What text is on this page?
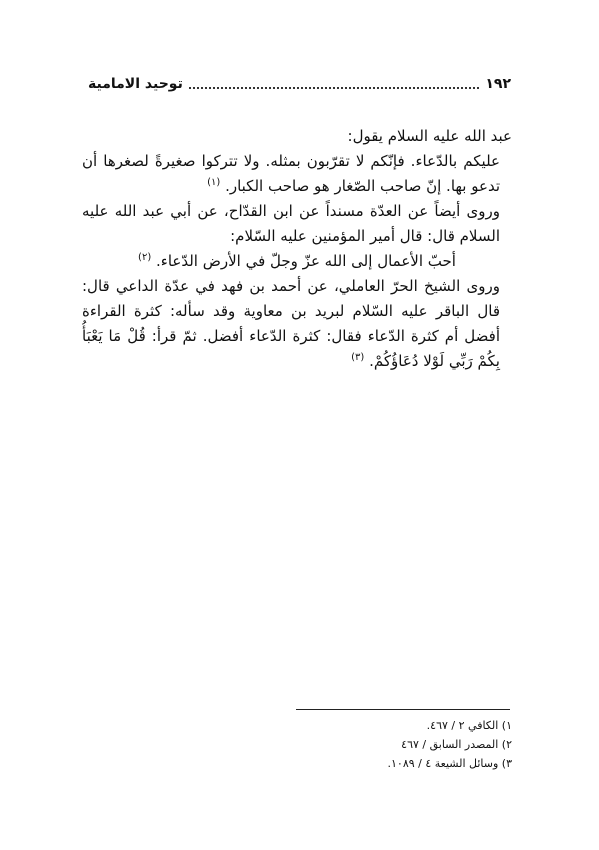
١٩٢
توحيد الامامية

عبد الله عليه السلام يقول:

عليكم بالدّعاء. فإنّكم لا تقرّبون بمثله. ولا تتركوا صغيرةً لصغرها أن تدعو بها. إنّ صاحب الصّغار هو صاحب الكبار. $^{(١)}$

وروى أيضاً عن العدّة مسنداً عن ابن القدّاح، عن أبي عبد الله عليه السلام قال: قال أمير المؤمنين عليه السّلام:

أحبّ الأعمال إلى الله عزّ وجلّ في الأرض الدّعاء. $^{(٢)}$

وروى الشيخ الحرّ العاملي، عن أحمد بن فهد في عدّة الداعي قال: قال الباقر عليه السّلام لبريد بن معاوية وقد سأله: كثرة القراءة أفضل أم كثرة الدّعاء فقال: كثرة الدّعاء أفضل. ثمّ قرأ: قُلْ مَا يَعْبَأُ بِكُمْ رَبِّي لَوْلا دُعَاؤُكُمْ. $^{(٣)}$

١) الكافي ٢ / ٤٦٧.
٢) المصدر السابق / ٤٦٧
٣) وسائل الشيعة ٤ / ١٠٨٩.
